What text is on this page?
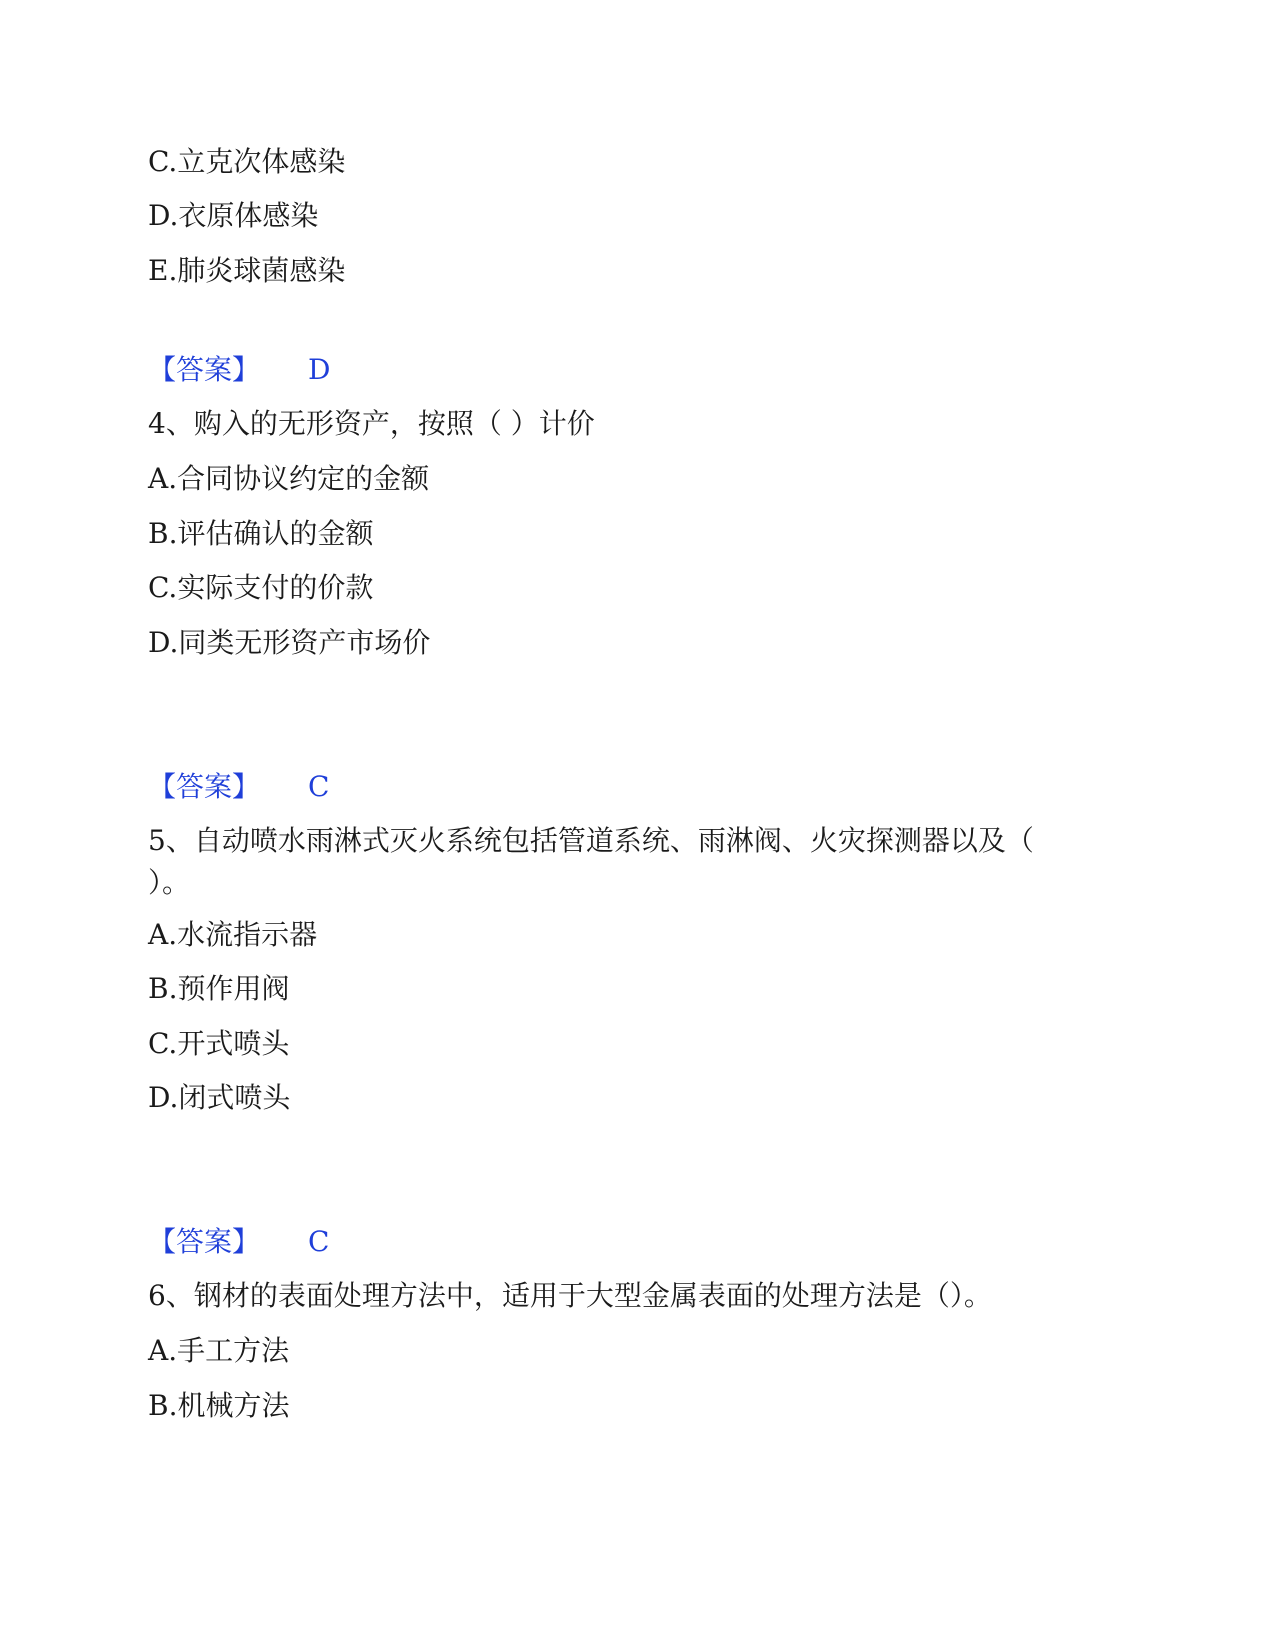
C.立克次体感染
D.衣原体感染
E.肺炎球菌感染
【答案】 D
4、购入的无形资产，按照（ ）计价
A.合同协议约定的金额
B.评估确认的金额
C.实际支付的价款
D.同类无形资产市场价
【答案】 C
5、自动喷水雨淋式灭火系统包括管道系统、雨淋阀、火灾探测器以及（ ）。
A.水流指示器
B.预作用阀
C.开式喷头
D.闭式喷头
【答案】 C
6、钢材的表面处理方法中，适用于大型金属表面的处理方法是（）。
A.手工方法
B.机械方法
